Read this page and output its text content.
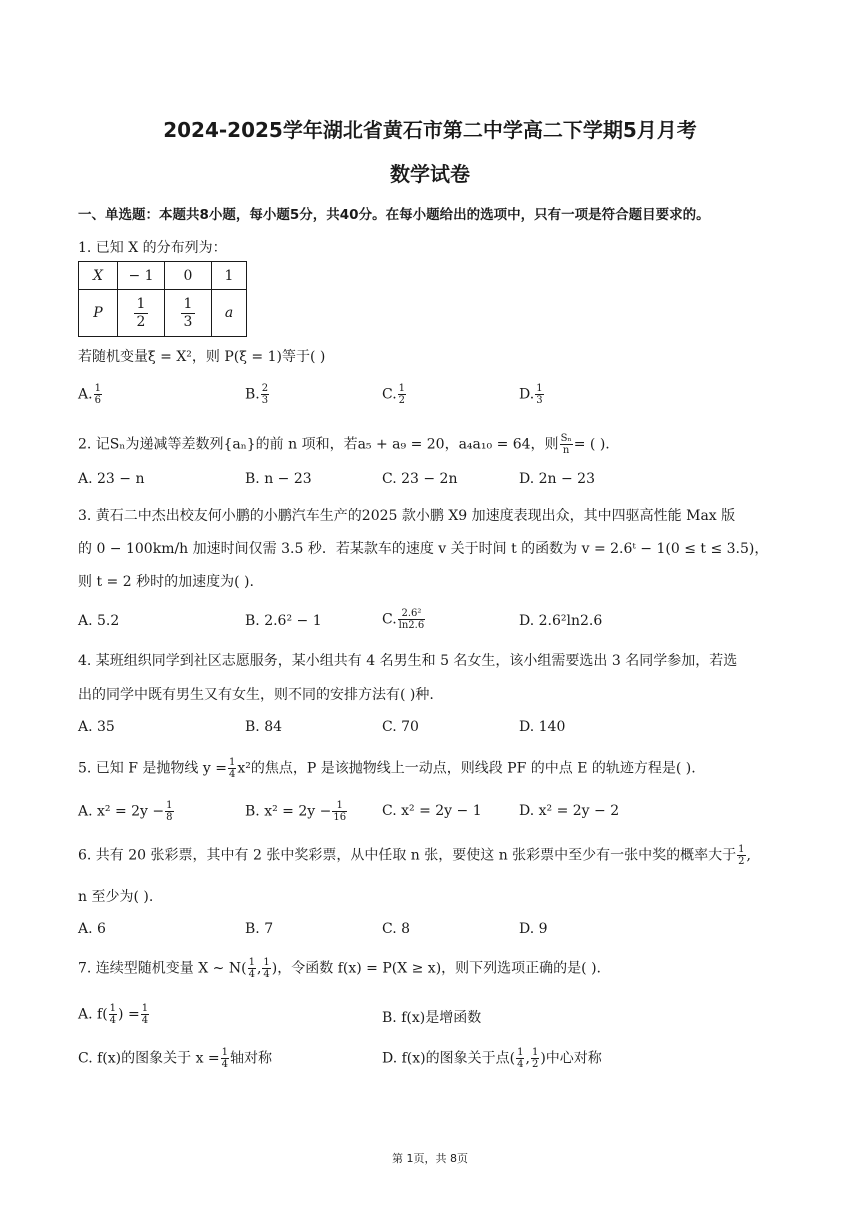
2024-2025学年湖北省黄石市第二中学高二下学期5月月考
数学试卷
一、单选题：本题共8小题，每小题5分，共40分。在每小题给出的选项中，只有一项是符合题目要求的。
1. 已知 X 的分布列为：
X	− 1	0	1
P	$\frac{1}{2}$	$\frac{1}{3}$	a
若随机变量ξ = X²，则 P(ξ = 1)等于( )
A. $\frac{1}{6}$	B. $\frac{2}{3}$	C. $\frac{1}{2}$	D. $\frac{1}{3}$
2. 记Sₙ为递减等差数列{aₙ}的前 n 项和，若a₅ + a₉ = 20，a₄a₁₀ = 64，则 $\frac{\text{Sₙ}}{n}$ = ( ).
A. 23 − n	B. n − 23	C. 23 − 2n	D. 2n − 23
3. 黄石二中杰出校友何小鹏的小鹏汽车生产的2025 款小鹏 X9 加速度表现出众，其中四驱高性能 Max 版
的 0 − 100km/h 加速时间仅需 3.5 秒．若某款车的速度 v 关于时间 t 的函数为 v = 2.6ᵗ − 1(0 ≤ t ≤ 3.5)，
则 t = 2 秒时的加速度为( ).
A. 5.2	B. 2.6² − 1	C. $\frac{\text{2.6²}}{\ln 2.6}$	D. 2.6²ln2.6
4. 某班组织同学到社区志愿服务，某小组共有 4 名男生和 5 名女生，该小组需要选出 3 名同学参加，若选
出的同学中既有男生又有女生，则不同的安排方法有( )种.
A. 35	B. 84	C. 70	D. 140
5. 已知 F 是抛物线 $y = \frac{1}{4} x^2$的焦点，P 是该抛物线上一动点，则线段 PF 的中点 E 的轨迹方程是( ).
A. $x^2 = 2y - \frac{1}{8}$	B. $x^2 = 2y - \frac{1}{16} C$. x² = 2y − 1	D. x² = 2y − 2
6. 共有 20 张彩票，其中有 2 张中奖彩票，从中任取 n 张，要使这 n 张彩票中至少有一张中奖的概率大于 $\frac{1}{2}$ ,
n 至少为( ).
A. 6	B. 7	C. 8	D. 9
7. 连续型随机变量 X ∼ $N( \frac{1}{4}$ , $\frac{1}{4}$ )，令函数 f(x) = P(X ≥ x)，则下列选项正确的是( ).
A. $f( \frac{1}{4}$ ) = $\frac{1}{4}$	B. f(x)是增函数
C. f(x)的图象关于 $x = \frac{1}{4}$ 轴对称	D. f(x)的图象关于点( $\frac{1}{4}$ , $\frac{1}{2}$ )中心对称
第 1页，共 8页
